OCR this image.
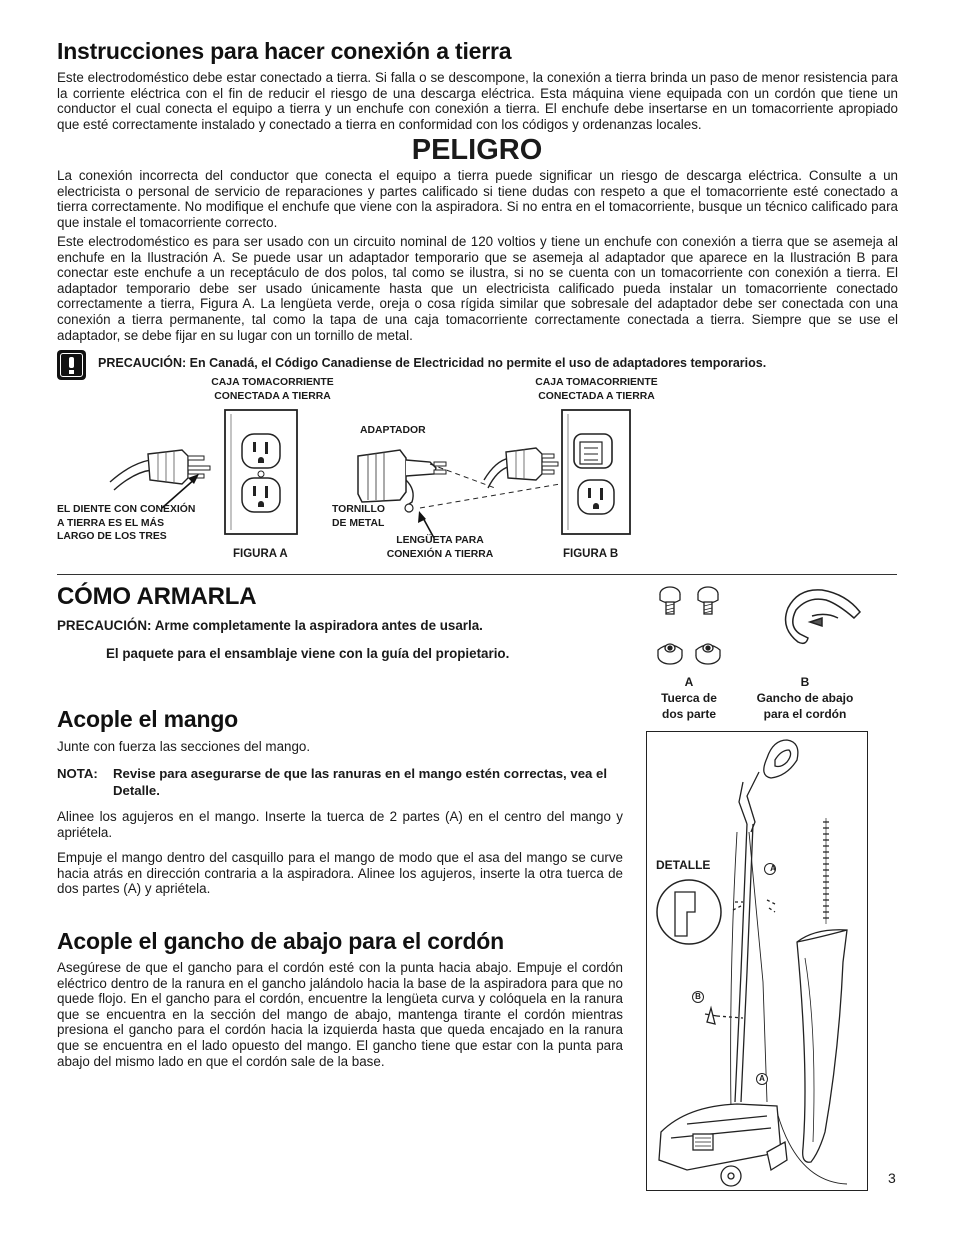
Instrucciones para hacer conexión a tierra

Este electrodoméstico debe estar conectado a tierra. Si falla o se descompone, la conexión a tierra brinda un paso de menor resistencia para la corriente eléctrica con el fin de reducir el riesgo de una descarga eléctrica. Esta máquina viene equipada con un cordón que tiene un conductor el cual conecta el equipo a tierra y un enchufe con conexión a tierra. El enchufe debe insertarse en un tomacorriente apropiado que esté correctamente instalado y conectado a tierra en conformidad con los códigos y ordenanzas locales.

PELIGRO

La conexión incorrecta del conductor que conecta el equipo a tierra puede significar un riesgo de descarga eléctrica. Consulte a un electricista o personal de servicio de reparaciones y partes calificado si tiene dudas con respeto a que el tomacorriente esté conectado a tierra correctamente. No modifique el enchufe que viene con la aspiradora. Si no entra en el tomacorriente, busque un técnico calificado para que instale el tomacorriente correcto.

Este electrodoméstico es para ser usado con un circuito nominal de 120 voltios y tiene un enchufe con conexión a tierra que se asemeja al enchufe en la Ilustración A. Se puede usar un adaptador temporario que se asemeja al adaptador que aparece en la Ilustración B para conectar este enchufe a un receptáculo de dos polos, tal como se ilustra, si no se cuenta con un tomacorriente con conexión a tierra. El adaptador temporario debe ser usado únicamente hasta que un electricista calificado pueda instalar un tomacorriente conectado correctamente a tierra, Figura A. La lengüeta verde, oreja o cosa rígida similar que sobresale del adaptador debe ser conectada con una conexión a tierra permanente, tal como la tapa de una caja tomacorriente correctamente conectada a tierra. Siempre que se use el adaptador, se debe fijar en su lugar con un tornillo de metal.

PRECAUCIÓN: En Canadá, el Código Canadiense de Electricidad no permite el uso de adaptadores temporarios.

CAJA TOMACORRIENTE
CONECTADA A TIERRA
CAJA TOMACORRIENTE
CONECTADA A TIERRA
ADAPTADOR
EL DIENTE CON CONEXIÓN
A TIERRA ES EL MÁS
LARGO DE LOS TRES
TORNILLO
DE METAL
LENGÜETA PARA
CONEXIÓN A TIERRA
FIGURA A	FIGURA B
CÓMO ARMARLA

PRECAUCIÓN: Arme completamente la aspiradora antes de usarla.

El paquete para el ensamblaje viene con la guía del propietario.

A
Tuerca de
dos parte
B
Gancho de abajo
para el cordón
Acople el mango

Junte con fuerza las secciones del mango.

NOTA: Revise para asegurarse de que las ranuras en el mango estén correctas, vea el Detalle.

Alinee los agujeros en el mango. Inserte la tuerca de 2 partes (A) en el centro del mango y apriétela.

Empuje el mango dentro del casquillo para el mango de modo que el asa del mango se curve hacia atrás en dirección contraria a la aspiradora. Alinee los agujeros, inserte la otra tuerca de dos partes (A) y apriétela.

Acople el gancho de abajo para el cordón

Asegúrese de que el gancho para el cordón esté con la punta hacia abajo. Empuje el cordón eléctrico dentro de la ranura en el gancho jalándolo hacia la base de la aspiradora para que no quede flojo. En el gancho para el cordón, encuentre la lengüeta curva y colóquela en la ranura que se encuentra en la sección del mango de abajo, mantenga tirante el cordón mientras presiona el gancho para el cordón hacia la izquierda hasta que queda encajado en la ranura que se encuentra en el lado opuesto del mango. El gancho tiene que estar con la punta para abajo del mismo lado en que el cordón sale de la base.

DETALLE	A
B
A
3
